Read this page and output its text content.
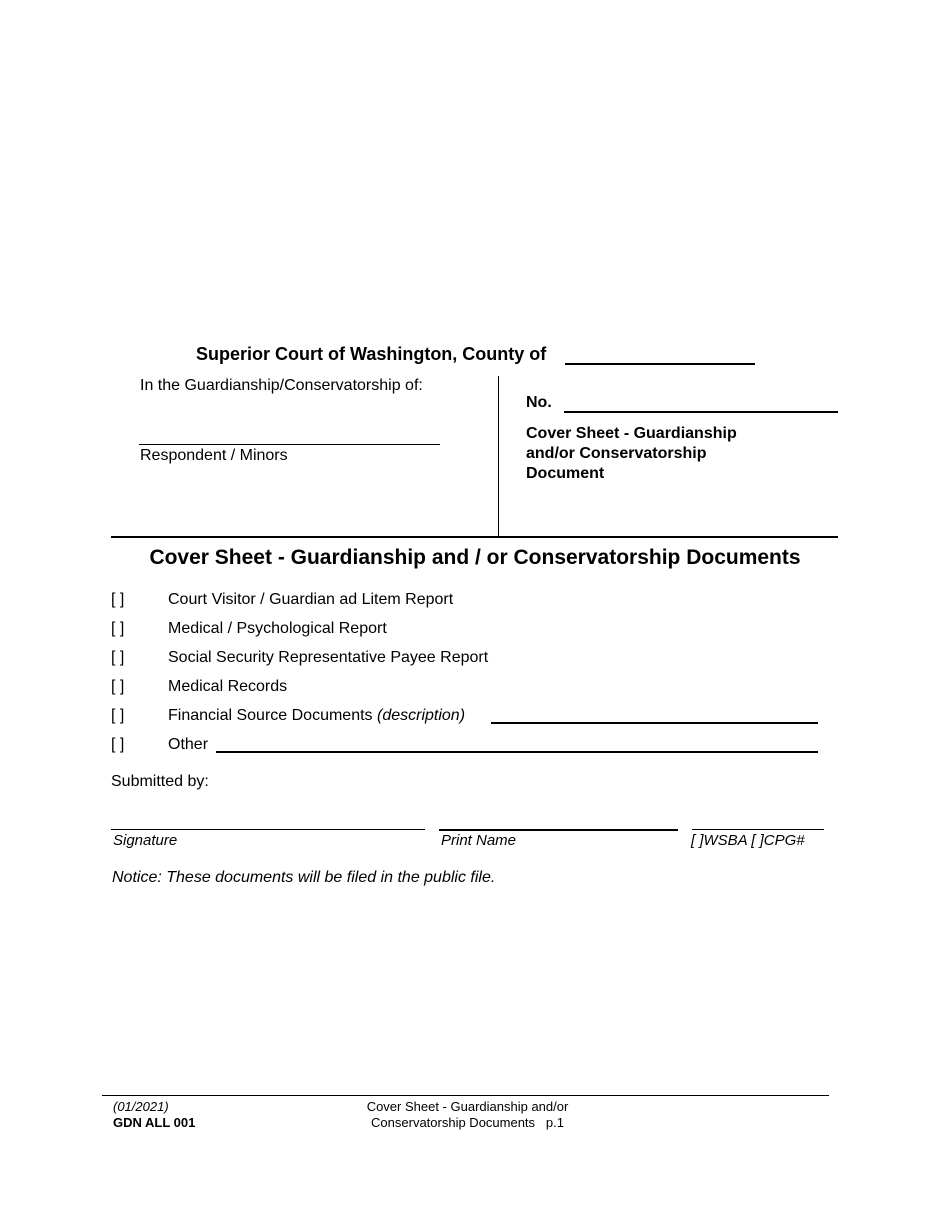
Superior Court of Washington, County of
In the Guardianship/Conservatorship of:
Respondent / Minors
No.
Cover Sheet - Guardianship
and/or Conservatorship
Document
Cover Sheet - Guardianship and / or Conservatorship Documents
[ ]	Court Visitor / Guardian ad Litem Report
[ ]	Medical / Psychological Report
[ ]	Social Security Representative Payee Report
[ ]	Medical Records
[ ]	Financial Source Documents (description)
[ ]	Other
Submitted by:
Signature	Print Name	[ ]WSBA [ ]CPG#
Notice: These documents will be filed in the public file.
(01/2021)
GDN ALL 001
Cover Sheet - Guardianship and/or
Conservatorship Documents   p.1
